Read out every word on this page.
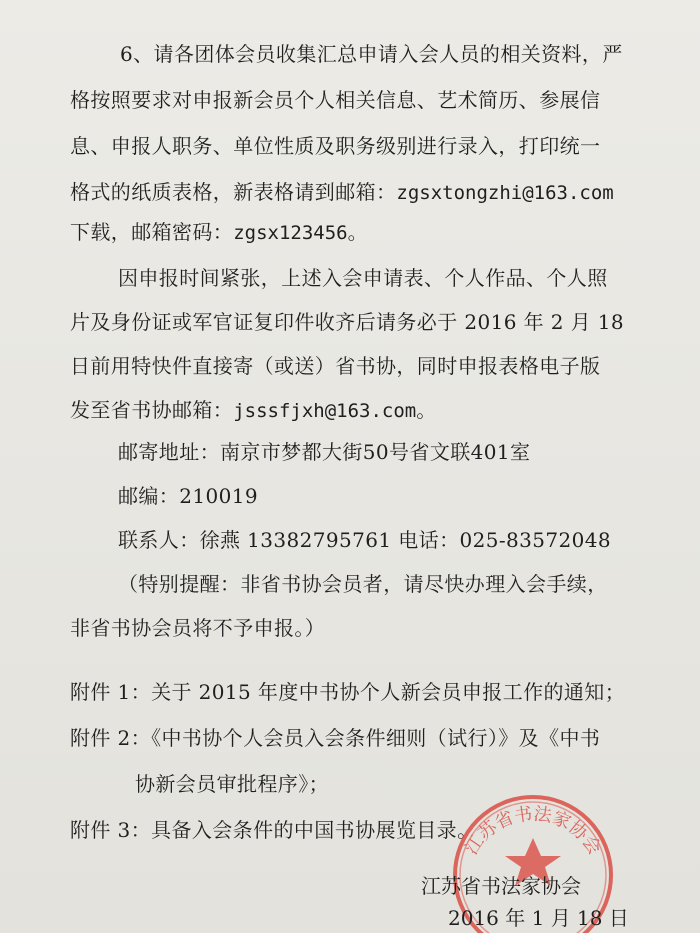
6、请各团体会员收集汇总申请入会人员的相关资料，严
格按照要求对申报新会员个人相关信息、艺术简历、参展信
息、申报人职务、单位性质及职务级别进行录入，打印统一
格式的纸质表格，新表格请到邮箱：zgsxtongzhi@163.com
下载，邮箱密码：zgsx123456。
因申报时间紧张，上述入会申请表、个人作品、个人照
片及身份证或军官证复印件收齐后请务必于 2016 年 2 月 18
日前用特快件直接寄（或送）省书协，同时申报表格电子版
发至省书协邮箱：jsssfjxh@163.com。
邮寄地址：南京市梦都大街50号省文联401室
邮编：210019
联系人：徐燕 13382795761 电话：025-83572048
（特别提醒：非省书协会员者，请尽快办理入会手续，
非省书协会员将不予申报。）
附件 1：关于 2015 年度中书协个人新会员申报工作的通知；
附件 2：《中书协个人会员入会条件细则（试行）》及《中书
协新会员审批程序》；
附件 3：具备入会条件的中国书协展览目录。
江苏省书法家协会
江苏省书法家协会
2016 年 1 月 18 日
